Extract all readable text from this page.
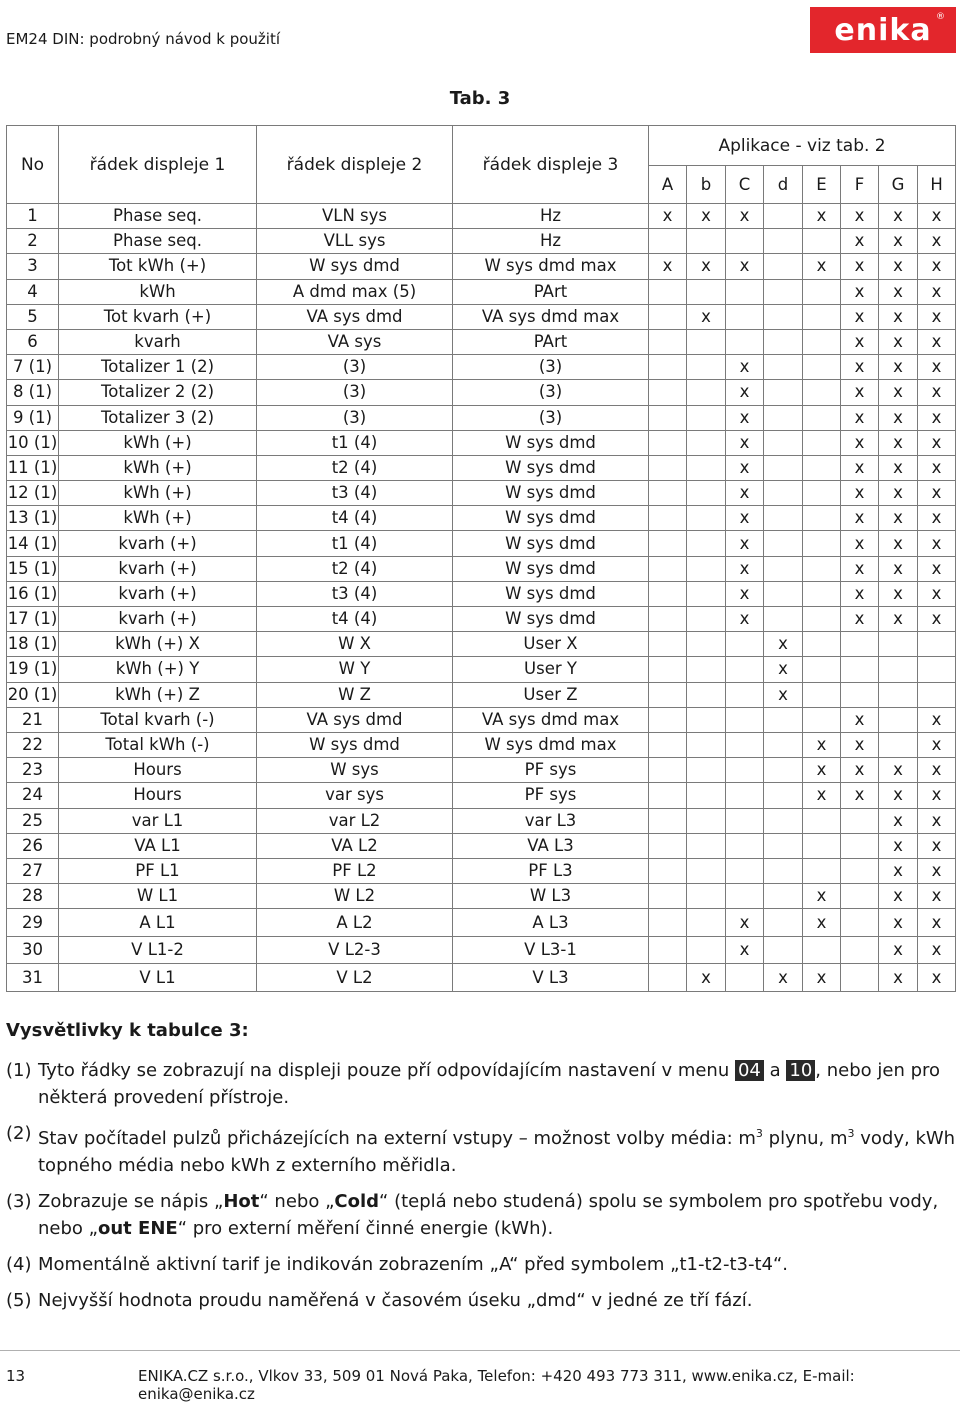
EM24 DIN: podrobný návod k použití	enika ®
Tab. 3
No	řádek displeje 1	řádek displeje 2	řádek displeje 3	Aplikace - viz tab. 2							
				A	b	C	d	E	F	G	H
1	Phase seq.	VLN sys	Hz	x	x	x		x	x	x	x
2	Phase seq.	VLL sys	Hz						x	x	x
3	Tot kWh (+)	W sys dmd	W sys dmd max	x	x	x		x	x	x	x
4	kWh	A dmd max (5)	PArt						x	x	x
5	Tot kvarh (+)	VA sys dmd	VA sys dmd max		x				x	x	x
6	kvarh	VA sys	PArt						x	x	x
7 (1)	Totalizer 1 (2)	(3)	(3)			x			x	x	x
8 (1)	Totalizer 2 (2)	(3)	(3)			x			x	x	x
9 (1)	Totalizer 3 (2)	(3)	(3)			x			x	x	x
10 (1)	kWh (+)	t1 (4)	W sys dmd			x			x	x	x
11 (1)	kWh (+)	t2 (4)	W sys dmd			x			x	x	x
12 (1)	kWh (+)	t3 (4)	W sys dmd			x			x	x	x
13 (1)	kWh (+)	t4 (4)	W sys dmd			x			x	x	x
14 (1)	kvarh (+)	t1 (4)	W sys dmd			x			x	x	x
15 (1)	kvarh (+)	t2 (4)	W sys dmd			x			x	x	x
16 (1)	kvarh (+)	t3 (4)	W sys dmd			x			x	x	x
17 (1)	kvarh (+)	t4 (4)	W sys dmd			x			x	x	x
18 (1)	kWh (+) X	W X	User X				x				
19 (1)	kWh (+) Y	W Y	User Y				x				
20 (1)	kWh (+) Z	W Z	User Z				x				
21	Total kvarh (-)	VA sys dmd	VA sys dmd max						x		x
22	Total kWh (-)	W sys dmd	W sys dmd max					x	x		x
23	Hours	W sys	PF sys					x	x	x	x
24	Hours	var sys	PF sys					x	x	x	x
25	var L1	var L2	var L3							x	x
26	VA L1	VA L2	VA L3							x	x
27	PF L1	PF L2	PF L3							x	x
28	W L1	W L2	W L3					x		x	x
29	A L1	A L2	A L3			x		x		x	x
30	V L1-2	V L2-3	V L3-1			x				x	x
31	V L1	V L2	V L3		x		x	x		x	x
Vysvětlivky k tabulce 3:
(1) Tyto řádky se zobrazují na displeji pouze pří odpovídajícím nastavení v menu 04 a 10 , nebo jen pro některá provedení přístroje.
(2) Stav počítadel pulzů přicházejících na externí vstupy – možnost volby média: $m^3$ plynu, $m^3$ vody, kWh topného média nebo kWh z externího měřidla.
(3) Zobrazuje se nápis „Hot“ nebo „Cold“ (teplá nebo studená) spolu se symbolem pro spotřebu vody, nebo „out ENE“ pro externí měření činné energie (kWh).
(4) Momentálně aktivní tarif je indikován zobrazením „A“ před symbolem „t1-t2-t3-t4“.
(5) Nejvyšší hodnota proudu naměřená v časovém úseku „dmd“ v jedné ze tří fází.
13	ENIKA.CZ s.r.o., Vlkov 33, 509 01 Nová Paka, Telefon: +420 493 773 311, www.enika.cz, E-mail: enika@enika.cz
